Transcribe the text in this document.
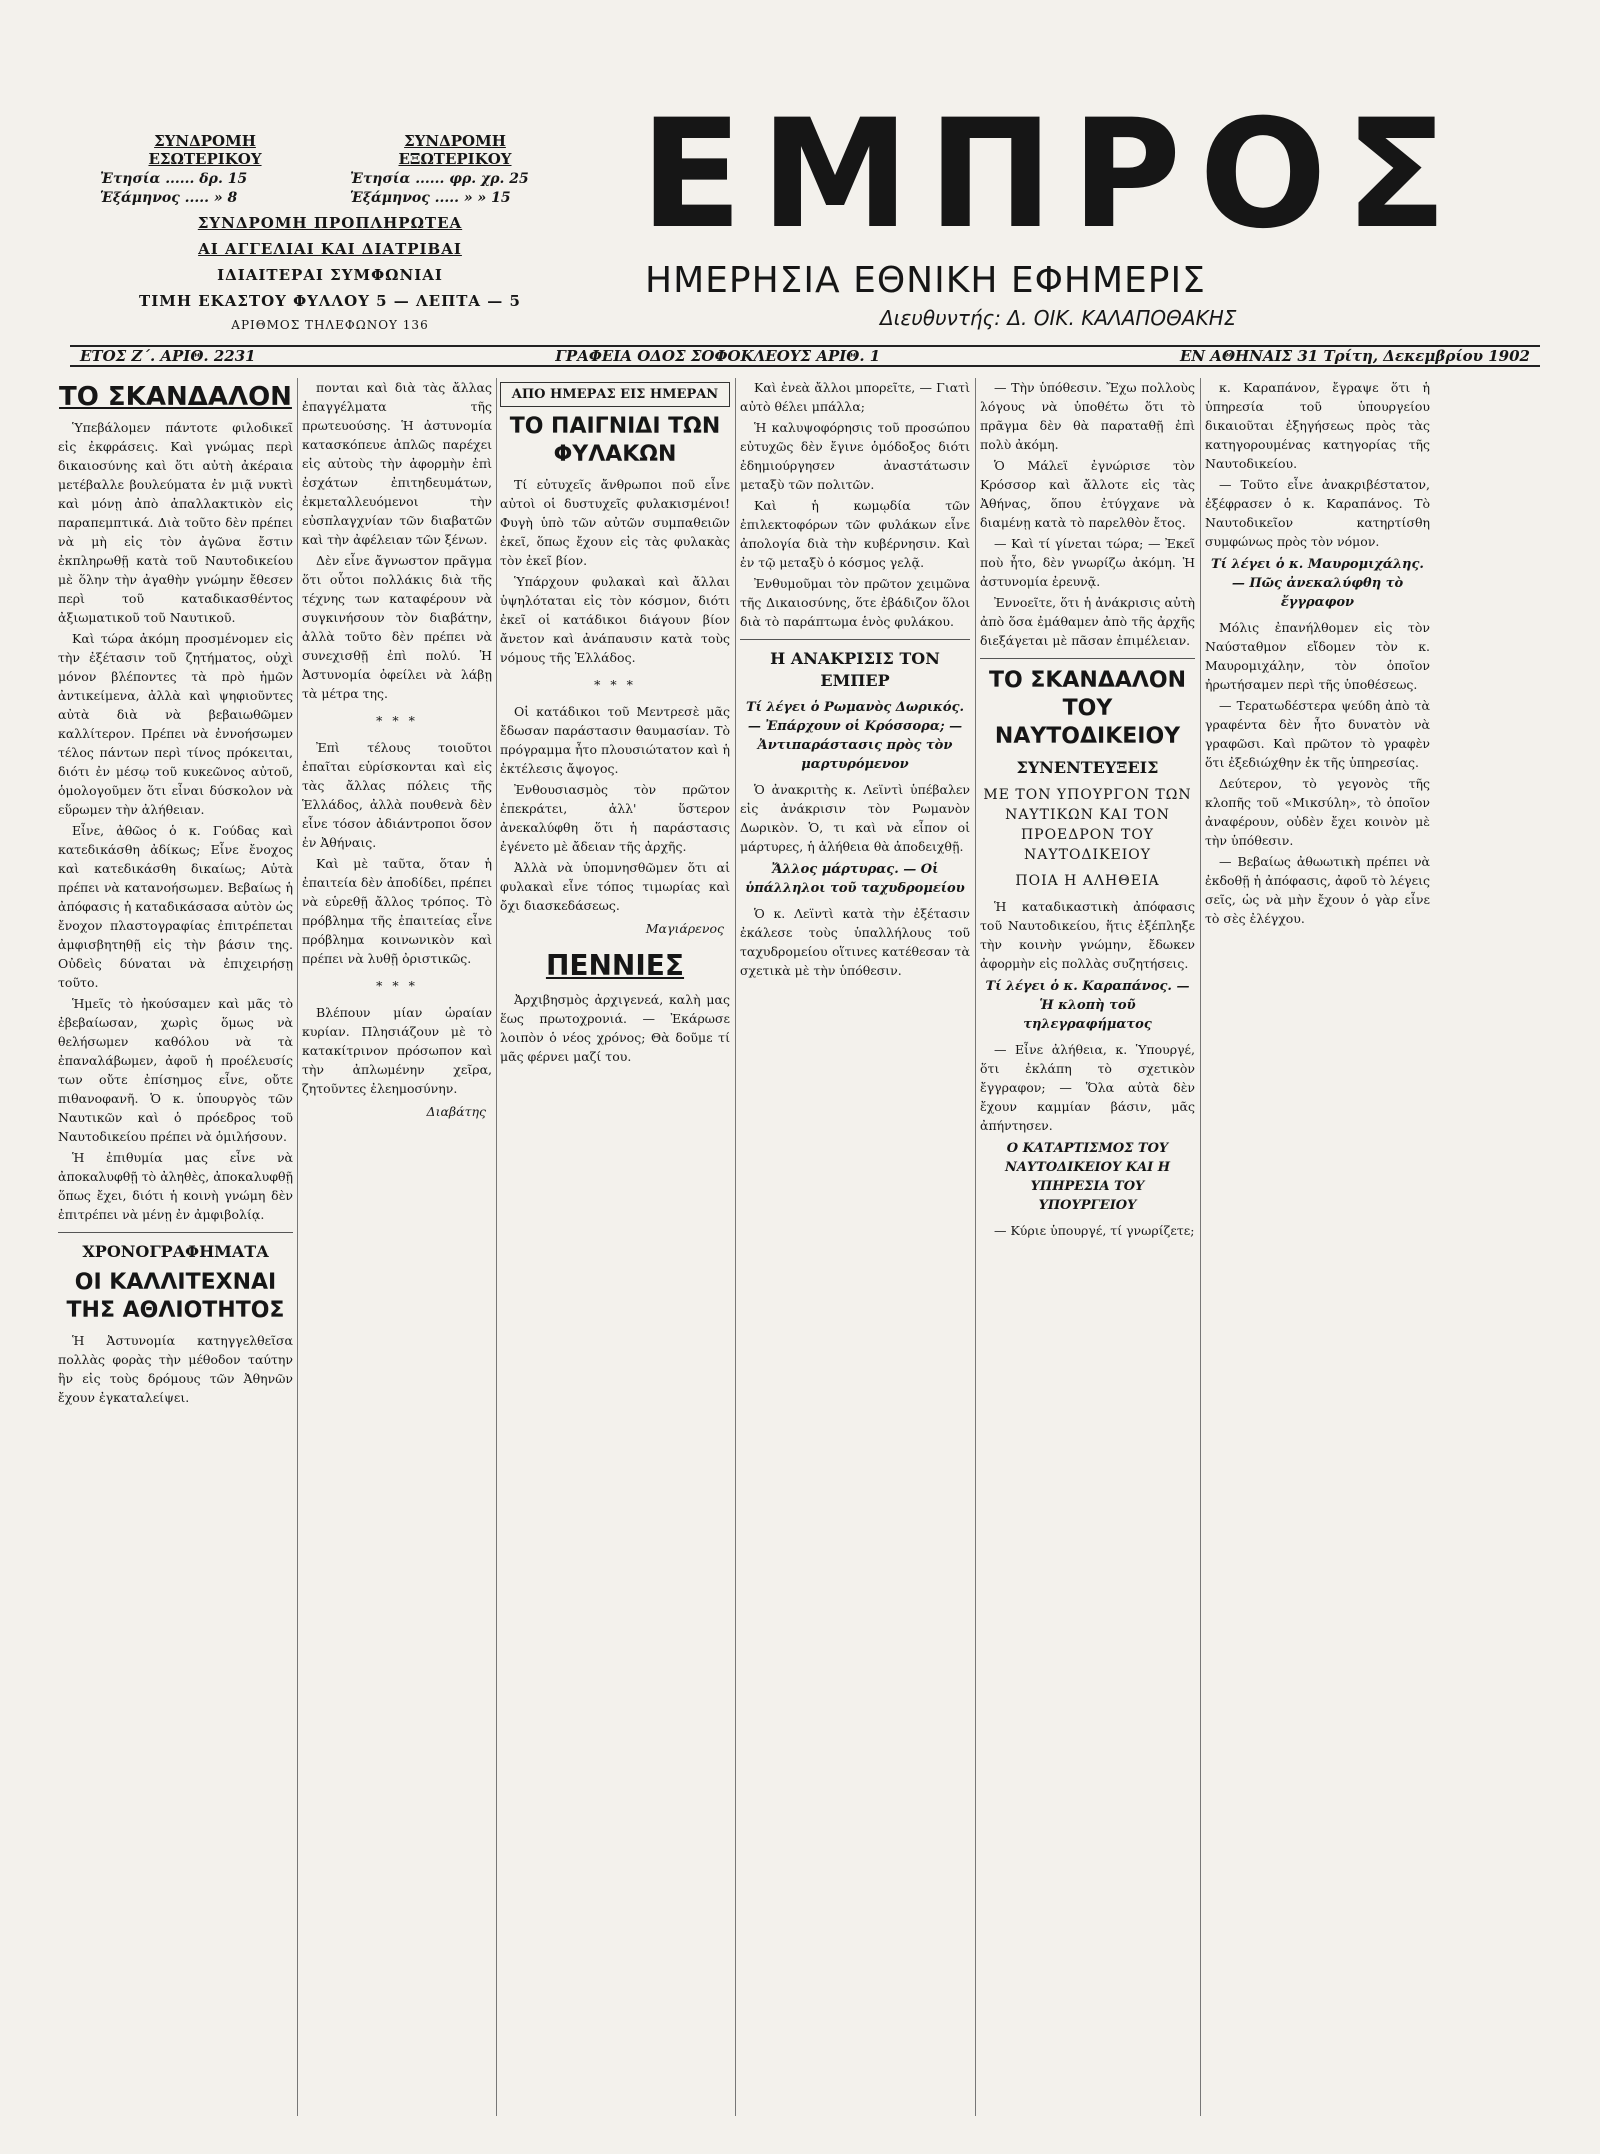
ΣΥΝΔΡΟΜΗ ΕΣΩΤΕΡΙΚΟΥ
Ἐτησία ...... δρ. 15
Ἑξάμηνος ..... » 8
ΣΥΝΔΡΟΜΗ ΕΞΩΤΕΡΙΚΟΥ
Ἐτησία ...... φρ. χρ. 25
Ἑξάμηνος ..... » » 15
ΣΥΝΔΡΟΜΗ ΠΡΟΠΛΗΡΩΤΕΑ
ΑΙ ΑΓΓΕΛΙΑΙ ΚΑΙ ΔΙΑΤΡΙΒΑΙ
ΙΔΙΑΙΤΕΡΑΙ ΣΥΜΦΩΝΙΑΙ
ΤΙΜΗ ΕΚΑΣΤΟΥ ΦΥΛΛΟΥ 5 — ΛΕΠΤΑ — 5
ΑΡΙΘΜΟΣ ΤΗΛΕΦΩΝΟΥ 136
ΕΜΠΡΟΣ
ΗΜΕΡΗΣΙΑ ΕΘΝΙΚΗ ΕΦΗΜΕΡΙΣ
Διευθυντής: Δ. ΟΙΚ. ΚΑΛΑΠΟΘΑΚΗΣ
ΕΤΟΣ Ζ΄. ΑΡΙΘ. 2231	ΓΡΑΦΕΙΑ ΟΔΟΣ ΣΟΦΟΚΛΕΟΥΣ ΑΡΙΘ. 1	ΕΝ ΑΘΗΝΑΙΣ 31 Τρίτη, Δεκεμβρίου 1902
ΤΟ ΣΚΑΝΔΑΛΟΝ

Ὑπεβάλομεν πάντοτε φιλοδικεῖ εἰς ἐκφράσεις. Καὶ γνώμας περὶ δικαιοσύνης καὶ ὅτι αὐτὴ ἀκέραια μετέβαλλε βουλεύματα ἐν μιᾷ νυκτὶ καὶ μόνῃ ἀπὸ ἀπαλλακτικὸν εἰς παραπεμπτικά. Διὰ τοῦτο δὲν πρέπει νὰ μὴ εἰς τὸν ἀγῶνα ἔστιν ἐκπληρωθῇ κατὰ τοῦ Ναυτοδικείου μὲ ὅλην τὴν ἀγαθὴν γνώμην ἔθεσεν περὶ τοῦ καταδικασθέντος ἀξιωματικοῦ τοῦ Ναυτικοῦ.

Καὶ τώρα ἀκόμη προσμένομεν εἰς τὴν ἐξέτασιν τοῦ ζητήματος, οὐχὶ μόνον βλέποντες τὰ πρὸ ἡμῶν ἀντικείμενα, ἀλλὰ καὶ ψηφιοῦντες αὐτὰ διὰ νὰ βεβαιωθῶμεν καλλίτερον. Πρέπει νὰ ἐννοήσωμεν τέλος πάντων περὶ τίνος πρόκειται, διότι ἐν μέσῳ τοῦ κυκεῶνος αὐτοῦ, ὁμολογοῦμεν ὅτι εἶναι δύσκολον νὰ εὕρωμεν τὴν ἀλήθειαν.

Εἶνε, ἀθῶος ὁ κ. Γούδας καὶ κατεδικάσθη ἀδίκως; Εἶνε ἔνοχος καὶ κατεδικάσθη δικαίως; Αὐτὰ πρέπει νὰ κατανοήσωμεν. Βεβαίως ἡ ἀπόφασις ἡ καταδικάσασα αὐτὸν ὡς ἔνοχον πλαστογραφίας ἐπιτρέπεται ἀμφισβητηθῇ εἰς τὴν βάσιν της. Οὐδεὶς δύναται νὰ ἐπιχειρήσῃ τοῦτο.

Ἡμεῖς τὸ ἠκούσαμεν καὶ μᾶς τὸ ἐβεβαίωσαν, χωρὶς ὅμως νὰ θελήσωμεν καθόλου νὰ τὰ ἐπαναλάβωμεν, ἀφοῦ ἡ προέλευσίς των οὔτε ἐπίσημος εἶνε, οὔτε πιθανοφανῆ. Ὁ κ. ὑπουργὸς τῶν Ναυτικῶν καὶ ὁ πρόεδρος τοῦ Ναυτοδικείου πρέπει νὰ ὁμιλήσουν.

Ἡ ἐπιθυμία μας εἶνε νὰ ἀποκαλυφθῇ τὸ ἀληθὲς, ἀποκαλυφθῇ ὅπως ἔχει, διότι ἡ κοινὴ γνώμη δὲν ἐπιτρέπει νὰ μένῃ ἐν ἀμφιβολίᾳ.

ΧΡΟΝΟΓΡΑΦΗΜΑΤΑ
ΟΙ ΚΑΛΛΙΤΕΧΝΑΙ ΤΗΣ ΑΘΛΙΟΤΗΤΟΣ

Ἡ Ἀστυνομία κατηγγελθεῖσα πολλὰς φορὰς τὴν μέθοδον ταύτην ἣν εἰς τοὺς δρόμους τῶν Ἀθηνῶν ἔχουν ἐγκαταλείψει.

πονται καὶ διὰ τὰς ἄλλας ἐπαγγέλματα τῆς πρωτευούσης. Ἡ ἀστυνομία κατασκόπευε ἀπλῶς παρέχει εἰς αὐτοὺς τὴν ἀφορμὴν ἐπὶ ἐσχάτων ἐπιτηδευμάτων, ἐκμεταλλευόμενοι τὴν εὐσπλαγχνίαν τῶν διαβατῶν καὶ τὴν ἀφέλειαν τῶν ξένων.

Δὲν εἶνε ἄγνωστον πρᾶγμα ὅτι οὗτοι πολλάκις διὰ τῆς τέχνης των καταφέρουν νὰ συγκινήσουν τὸν διαβάτην, ἀλλὰ τοῦτο δὲν πρέπει νὰ συνεχισθῇ ἐπὶ πολύ. Ἡ Ἀστυνομία ὀφείλει νὰ λάβῃ τὰ μέτρα της.

* * *

Ἐπὶ τέλους τοιοῦτοι ἐπαῖται εὑρίσκονται καὶ εἰς τὰς ἄλλας πόλεις τῆς Ἑλλάδος, ἀλλὰ πουθενὰ δὲν εἶνε τόσον ἀδιάντροποι ὅσον ἐν Ἀθήναις.

Καὶ μὲ ταῦτα, ὅταν ἡ ἐπαιτεία δὲν ἀποδίδει, πρέπει νὰ εὑρεθῇ ἄλλος τρόπος. Τὸ πρόβλημα τῆς ἐπαιτείας εἶνε πρόβλημα κοινωνικὸν καὶ πρέπει νὰ λυθῇ ὀριστικῶς.

* * *

Βλέπουν μίαν ὡραίαν κυρίαν. Πλησιάζουν μὲ τὸ κατακίτρινον πρόσωπον καὶ τὴν ἀπλωμένην χεῖρα, ζητοῦντες ἐλεημοσύνην.

Διαβάτης
ΑΠΟ ΗΜΕΡΑΣ ΕΙΣ ΗΜΕΡΑΝ
ΤΟ ΠΑΙΓΝΙΔΙ ΤΩΝ ΦΥΛΑΚΩΝ

Τί εὐτυχεῖς ἄνθρωποι ποῦ εἶνε αὐτοὶ οἱ δυστυχεῖς φυλακισμένοι! Φυγὴ ὑπὸ τῶν αὐτῶν συμπαθειῶν ἐκεῖ, ὅπως ἔχουν εἰς τὰς φυλακὰς τὸν ἐκεῖ βίον.

Ὑπάρχουν φυλακαὶ καὶ ἄλλαι ὑψηλόταται εἰς τὸν κόσμον, διότι ἐκεῖ οἱ κατάδικοι διάγουν βίον ἄνετον καὶ ἀνάπαυσιν κατὰ τοὺς νόμους τῆς Ἑλλάδος.

* * *

Οἱ κατάδικοι τοῦ Μεντρεσὲ μᾶς ἔδωσαν παράστασιν θαυμασίαν. Τὸ πρόγραμμα ἦτο πλουσιώτατον καὶ ἡ ἐκτέλεσις ἄψογος.

Ἐνθουσιασμὸς τὸν πρῶτον ἐπεκράτει, ἀλλ' ὕστερον ἀνεκαλύφθη ὅτι ἡ παράστασις ἐγένετο μὲ ἄδειαν τῆς ἀρχῆς.

Ἀλλὰ νὰ ὑπομνησθῶμεν ὅτι αἱ φυλακαὶ εἶνε τόπος τιμωρίας καὶ ὄχι διασκεδάσεως.

Μαγιάρενος
ΠΕΝΝΙΕΣ

Ἀρχιβησμὸς ἀρχιγενεά, καλὴ μας ἕως πρωτοχρονιά. — Ἐκάρωσε λοιπὸν ὁ νέος χρόνος; Θὰ δοῦμε τί μᾶς φέρνει μαζί του.

Καὶ ἐνεὰ ἄλλοι μπορεῖτε, — Γιατὶ αὐτὸ θέλει μπάλλα;

Ἡ καλυψοφόρησις τοῦ προσώπου εὐτυχῶς δὲν ἔγινε ὁμόδοξος διότι ἐδημιούργησεν ἀναστάτωσιν μεταξὺ τῶν πολιτῶν.

Καὶ ἡ κωμῳδία τῶν ἐπιλεκτοφόρων τῶν φυλάκων εἶνε ἀπολογία διὰ τὴν κυβέρνησιν. Καὶ ἐν τῷ μεταξὺ ὁ κόσμος γελᾷ.

Ἐνθυμοῦμαι τὸν πρῶτον χειμῶνα τῆς Δικαιοσύνης, ὅτε ἐβάδιζον ὅλοι διὰ τὸ παράπτωμα ἑνὸς φυλάκου.

Η ΑΝΑΚΡΙΣΙΣ ΤΟΝ ΕΜΠΕΡ
Τί λέγει ὁ Ρωμανὸς Δωρικός. — Ἐπάρχουν οἱ Κρόσσορα; — Ἀντιπαράστασις πρὸς τὸν μαρτυρόμενον

Ὁ ἀνακριτὴς κ. Λεϊντὶ ὑπέβαλεν εἰς ἀνάκρισιν τὸν Ρωμανὸν Δωρικὸν. Ὁ, τι καὶ νὰ εἶπον οἱ μάρτυρες, ἡ ἀλήθεια θὰ ἀποδειχθῇ.

Ἄλλος μάρτυρας. — Οἱ ὑπάλληλοι τοῦ ταχυδρομείου

Ὁ κ. Λεϊντὶ κατὰ τὴν ἐξέτασιν ἐκάλεσε τοὺς ὑπαλλήλους τοῦ ταχυδρομείου οἵτινες κατέθεσαν τὰ σχετικὰ μὲ τὴν ὑπόθεσιν.

— Τὴν ὑπόθεσιν. Ἔχω πολλοὺς λόγους νὰ ὑποθέτω ὅτι τὸ πρᾶγμα δὲν θὰ παραταθῇ ἐπὶ πολὺ ἀκόμη.

Ὁ Μάλεϊ ἐγνώρισε τὸν Κρόσσορ καὶ ἄλλοτε εἰς τὰς Ἀθήνας, ὅπου ἐτύγχανε νὰ διαμένῃ κατὰ τὸ παρελθὸν ἔτος.

— Καὶ τί γίνεται τώρα; — Ἐκεῖ ποὺ ἦτο, δὲν γνωρίζω ἀκόμη. Ἡ ἀστυνομία ἐρευνᾷ.

Ἐννοεῖτε, ὅτι ἡ ἀνάκρισις αὐτὴ ἀπὸ ὅσα ἐμάθαμεν ἀπὸ τῆς ἀρχῆς διεξάγεται μὲ πᾶσαν ἐπιμέλειαν.

ΤΟ ΣΚΑΝΔΑΛΟΝ ΤΟΥ ΝΑΥΤΟΔΙΚΕΙΟΥ
ΣΥΝΕΝΤΕΥΞΕΙΣ
ΜΕ ΤΟΝ ΥΠΟΥΡΓΟΝ ΤΩΝ ΝΑΥΤΙΚΩΝ ΚΑΙ ΤΟΝ ΠΡΟΕΔΡΟΝ ΤΟΥ ΝΑΥΤΟΔΙΚΕΙΟΥ
ΠΟΙΑ Η ΑΛΗΘΕΙΑ

Ἡ καταδικαστικὴ ἀπόφασις τοῦ Ναυτοδικείου, ἥτις ἐξέπληξε τὴν κοινὴν γνώμην, ἔδωκεν ἀφορμὴν εἰς πολλὰς συζητήσεις.

Τί λέγει ὁ κ. Καραπάνος. — Ἡ κλοπὴ τοῦ τηλεγραφήματος

— Εἶνε ἀλήθεια, κ. Ὑπουργέ, ὅτι ἐκλάπη τὸ σχετικὸν ἔγγραφον; — Ὅλα αὐτὰ δὲν ἔχουν καμμίαν βάσιν, μᾶς ἀπήντησεν.

Ο ΚΑΤΑΡΤΙΣΜΟΣ ΤΟΥ ΝΑΥΤΟΔΙΚΕΙΟΥ ΚΑΙ Η ΥΠΗΡΕΣΙΑ ΤΟΥ ΥΠΟΥΡΓΕΙΟΥ

— Κύριε ὑπουργέ, τί γνωρίζετε;

κ. Καραπάνον, ἔγραψε ὅτι ἡ ὑπηρεσία τοῦ ὑπουργείου δικαιοῦται ἐξηγήσεως πρὸς τὰς κατηγορουμένας κατηγορίας τῆς Ναυτοδικείου.

— Τοῦτο εἶνε ἀνακριβέστατον, ἐξέφρασεν ὁ κ. Καραπάνος. Τὸ Ναυτοδικεῖον κατηρτίσθη συμφώνως πρὸς τὸν νόμον.

Τί λέγει ὁ κ. Μαυρομιχάλης. — Πῶς ἀνεκαλύφθη τὸ ἔγγραφον

Μόλις ἐπανήλθομεν εἰς τὸν Ναύσταθμον εἴδομεν τὸν κ. Μαυρομιχάλην, τὸν ὁποῖον ἠρωτήσαμεν περὶ τῆς ὑποθέσεως.

— Τερατωδέστερα ψεύδη ἀπὸ τὰ γραφέντα δὲν ἦτο δυνατὸν νὰ γραφῶσι. Καὶ πρῶτον τὸ γραφὲν ὅτι ἐξεδιώχθην ἐκ τῆς ὑπηρεσίας.

Δεύτερον, τὸ γεγονὸς τῆς κλοπῆς τοῦ «Μικσύλη», τὸ ὁποῖον ἀναφέρουν, οὐδὲν ἔχει κοινὸν μὲ τὴν ὑπόθεσιν.

— Βεβαίως ἀθωωτικὴ πρέπει νὰ ἐκδοθῇ ἡ ἀπόφασις, ἀφοῦ τὸ λέγεις σεῖς, ὡς νὰ μὴν ἔχουν ὁ γὰρ εἶνε τὸ σὲς ἐλέγχου.
